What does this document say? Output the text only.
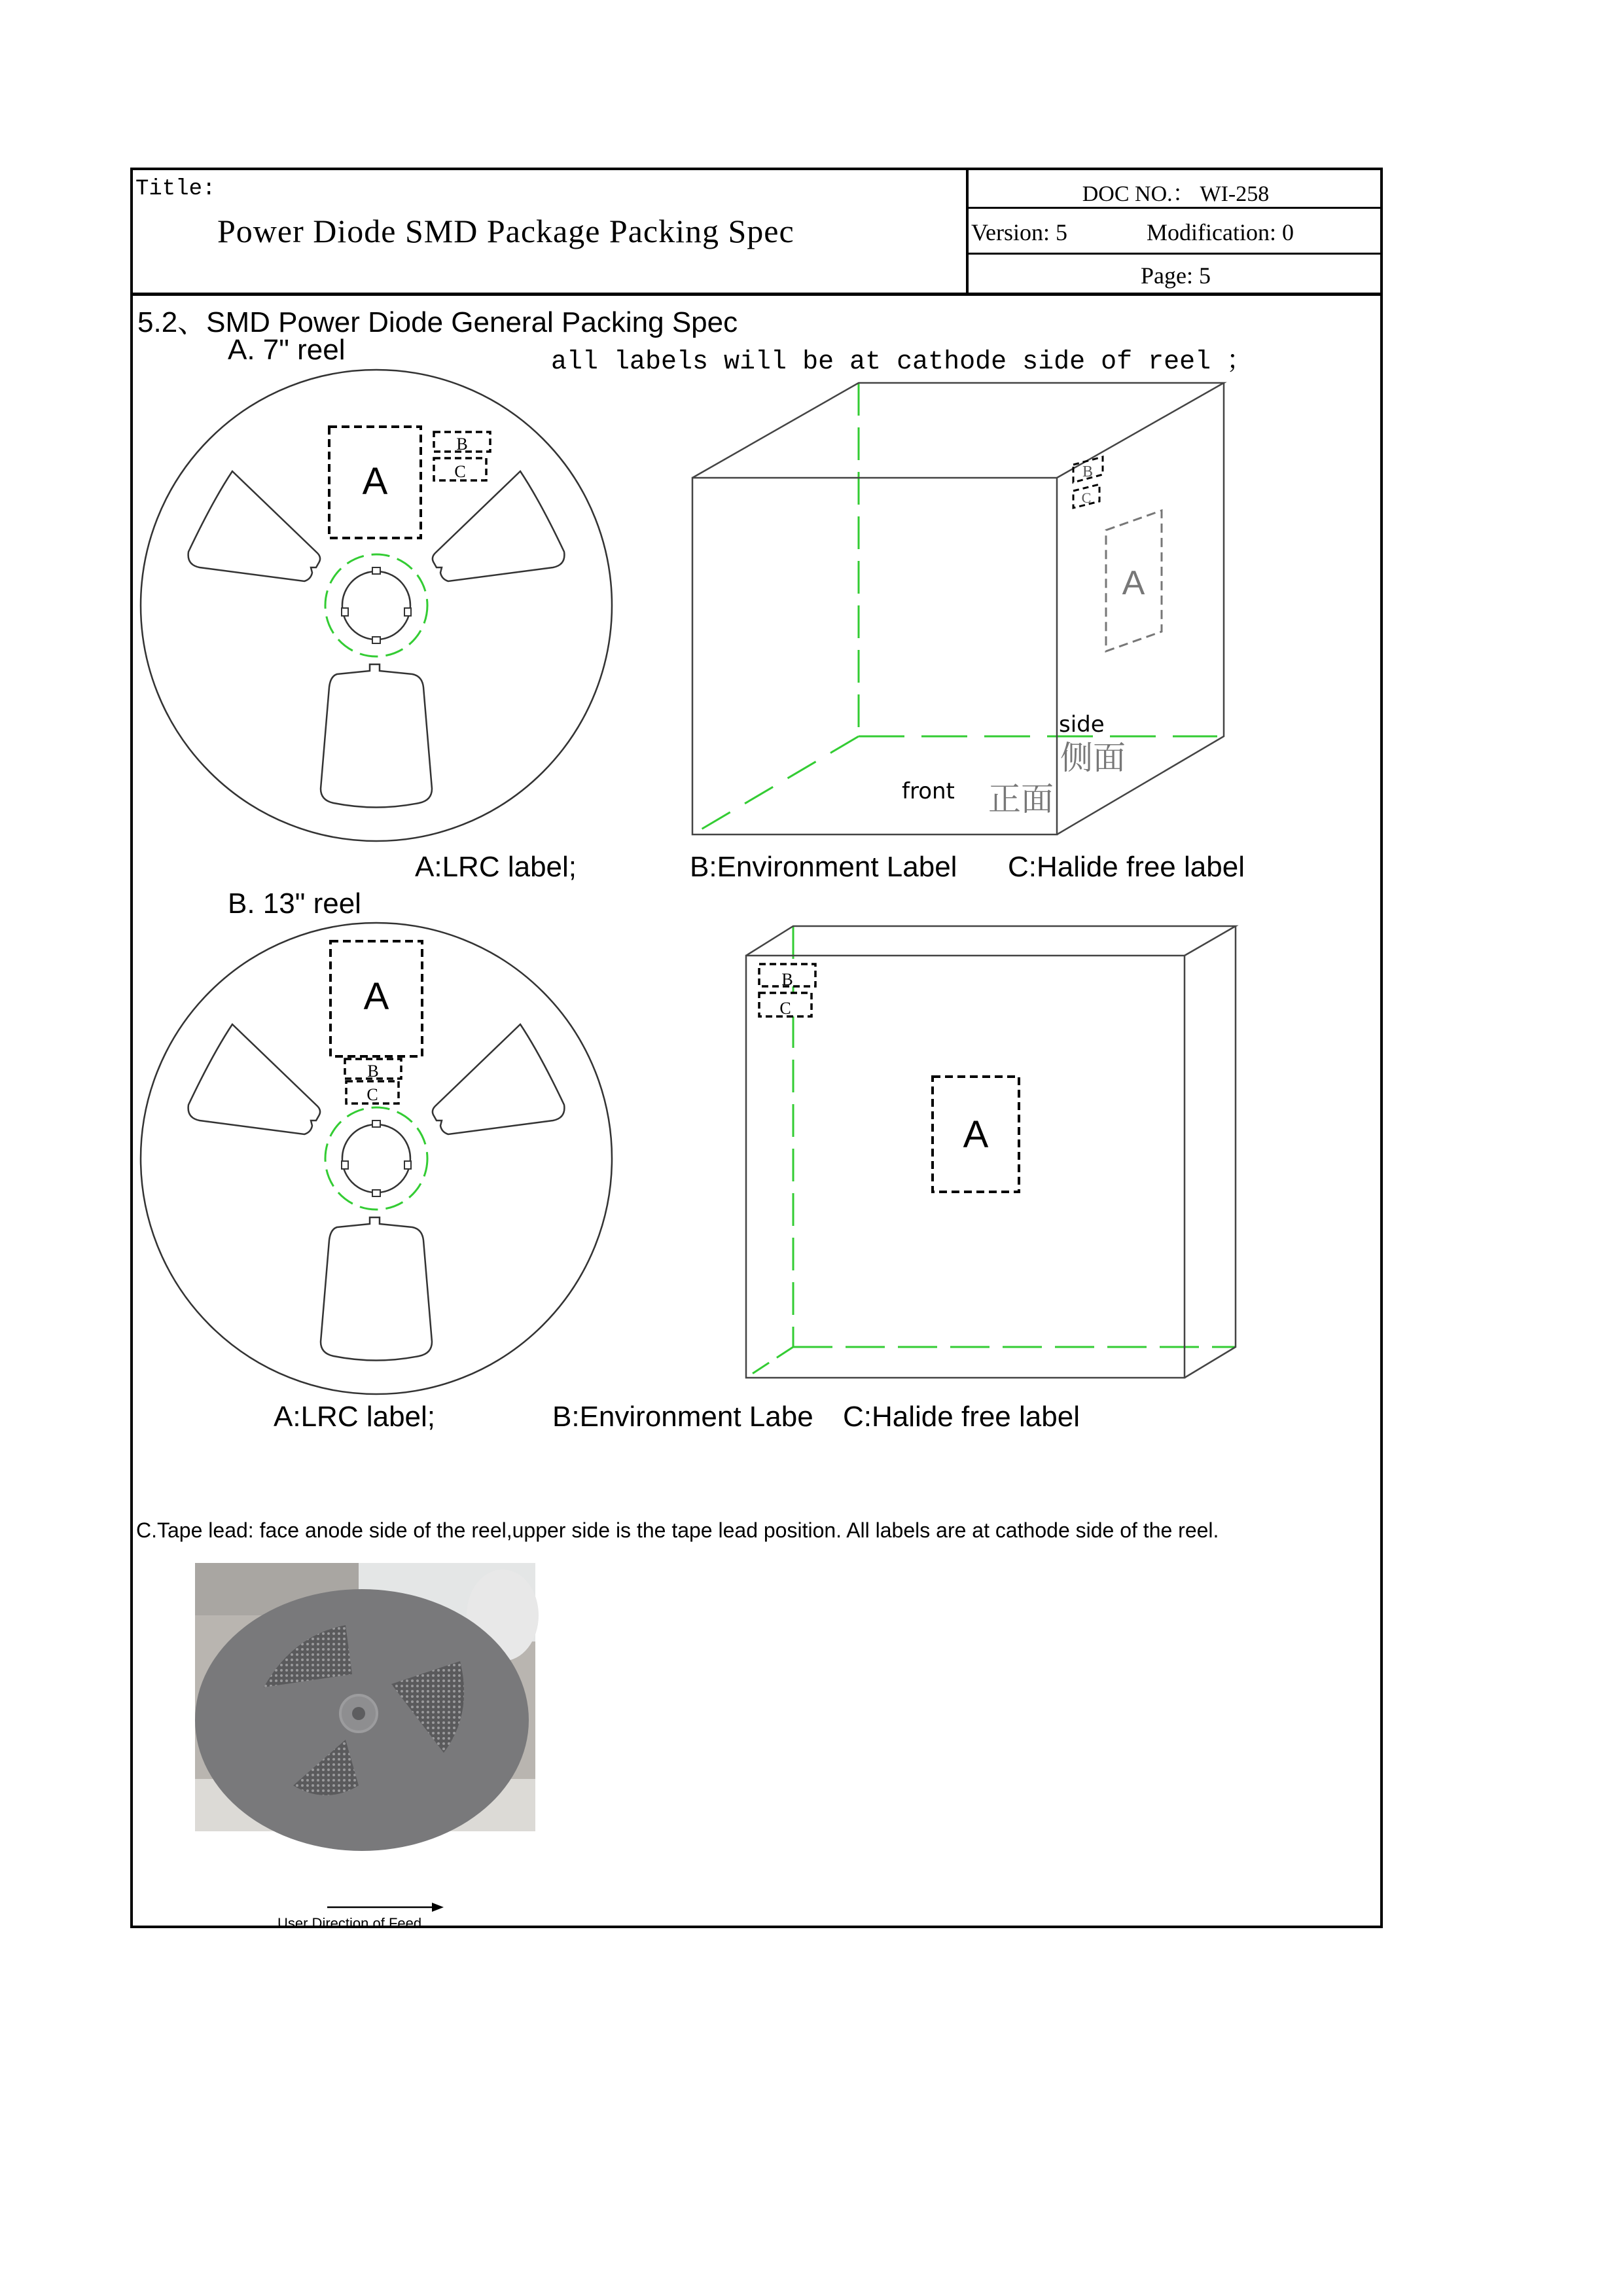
Title:
Power Diode SMD Package Packing Spec
DOC NO.： WI-258
Version: 5	Modification: 0
Page: 5
5.2、SMD Power Diode General Packing Spec
A. 7" reel	all labels will be at cathode side of reel ；
A
B
C	B
C
A
side
侧面
front 正面
A:LRC label;	B:Environment Label C:Halide free label
B. 13" reel
A
B
C
B
C
A
A:LRC label;	B:Environment Labe C:Halide free label
C.Tape lead: face anode side of the reel,upper side is the tape lead position. All labels are at cathode side of the reel.
User Direction of Feed
